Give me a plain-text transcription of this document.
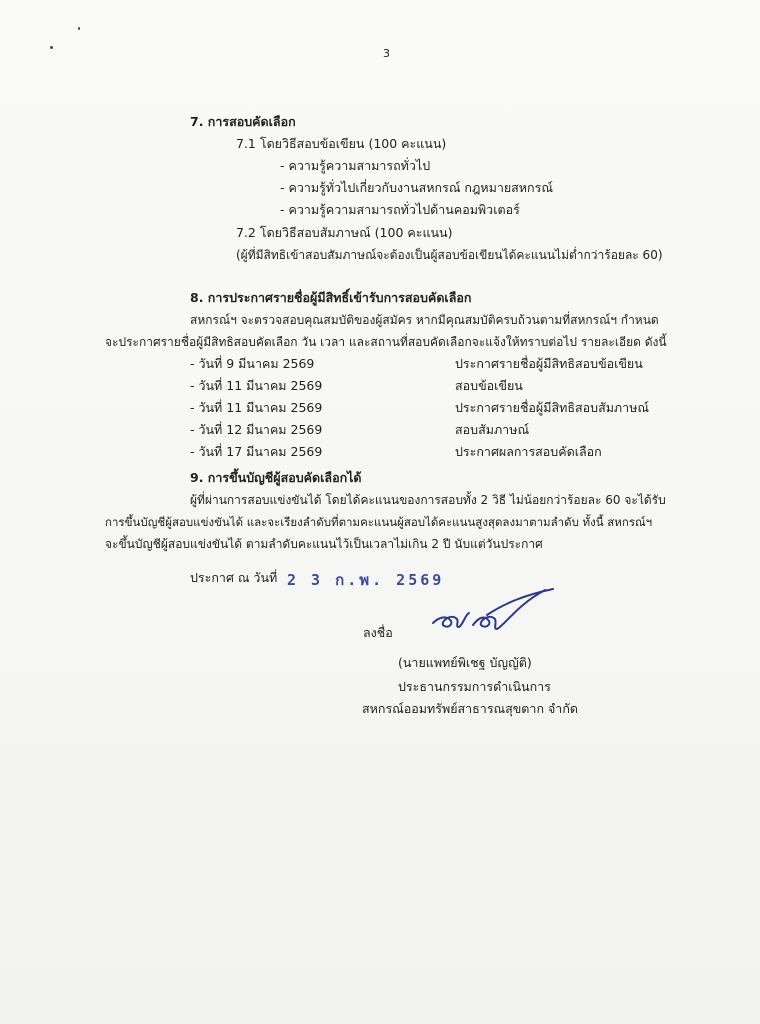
3
7. การสอบคัดเลือก
7.1 โดยวิธีสอบข้อเขียน (100 คะแนน)
- ความรู้ความสามารถทั่วไป
- ความรู้ทั่วไปเกี่ยวกับงานสหกรณ์ กฎหมายสหกรณ์
- ความรู้ความสามารถทั่วไปด้านคอมพิวเตอร์
7.2 โดยวิธีสอบสัมภาษณ์ (100 คะแนน)
(ผู้ที่มีสิทธิเข้าสอบสัมภาษณ์จะต้องเป็นผู้สอบข้อเขียนได้คะแนนไม่ต่ำกว่าร้อยละ 60)
8. การประกาศรายชื่อผู้มีสิทธิ์เข้ารับการสอบคัดเลือก
สหกรณ์ฯ จะตรวจสอบคุณสมบัติของผู้สมัคร หากมีคุณสมบัติครบถ้วนตามที่สหกรณ์ฯ กำหนด
จะประกาศรายชื่อผู้มีสิทธิสอบคัดเลือก วัน เวลา และสถานที่สอบคัดเลือกจะแจ้งให้ทราบต่อไป รายละเอียด ดังนี้
- วันที่ 9 มีนาคม 2569	ประกาศรายชื่อผู้มีสิทธิสอบข้อเขียน
- วันที่ 11 มีนาคม 2569	สอบข้อเขียน
- วันที่ 11 มีนาคม 2569	ประกาศรายชื่อผู้มีสิทธิสอบสัมภาษณ์
- วันที่ 12 มีนาคม 2569	สอบสัมภาษณ์
- วันที่ 17 มีนาคม 2569	ประกาศผลการสอบคัดเลือก
9. การขึ้นบัญชีผู้สอบคัดเลือกได้
ผู้ที่ผ่านการสอบแข่งขันได้ โดยได้คะแนนของการสอบทั้ง 2 วิธี ไม่น้อยกว่าร้อยละ 60 จะได้รับ
การขึ้นบัญชีผู้สอบแข่งขันได้ และจะเรียงลำดับที่ตามคะแนนผู้สอบได้คะแนนสูงสุดลงมาตามลำดับ ทั้งนี้ สหกรณ์ฯ
จะขึ้นบัญชีผู้สอบแข่งขันได้ ตามลำดับคะแนนไว้เป็นเวลาไม่เกิน 2 ปี นับแต่วันประกาศ
ประกาศ ณ วันที่ 2 3 ก.พ. 2569
ลงชื่อ
(นายแพทย์พิเชฐ บัญญัติ)
ประธานกรรมการดำเนินการ
สหกรณ์ออมทรัพย์สาธารณสุขตาก จำกัด
